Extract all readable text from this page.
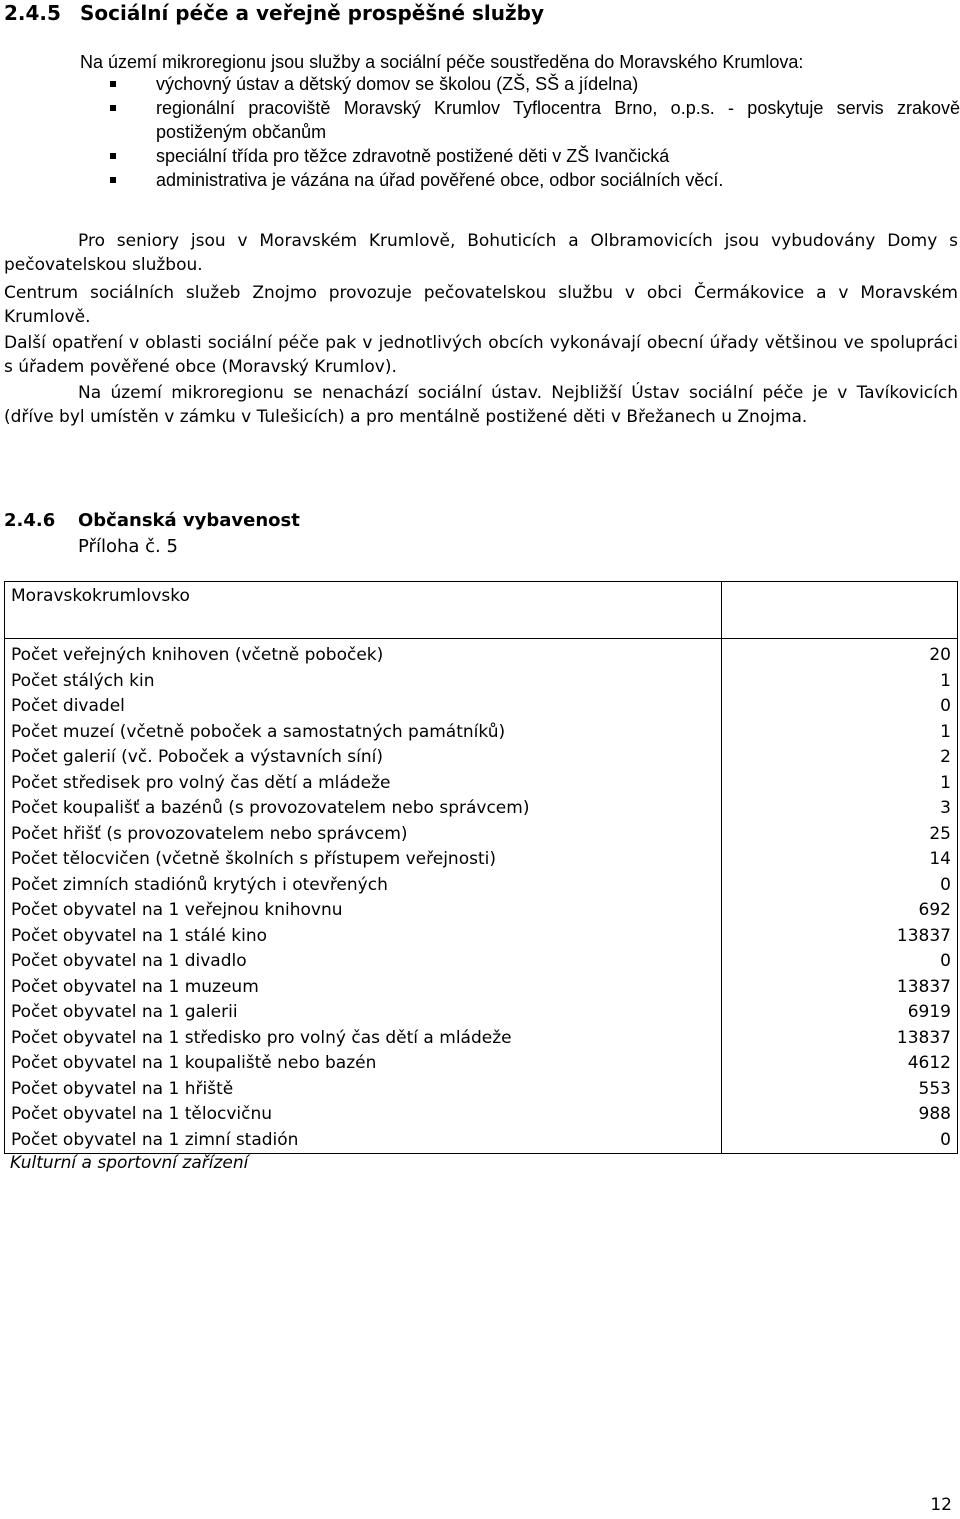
2.4.5 Sociální péče a veřejně prospěšné služby
Na území mikroregionu jsou služby a sociální péče soustředěna do Moravského Krumlova:
výchovný ústav a dětský domov se školou (ZŠ, SŠ a jídelna)
regionální pracoviště Moravský Krumlov Tyflocentra Brno, o.p.s. - poskytuje servis zrakově postiženým občanům
speciální třída pro těžce zdravotně postižené děti v ZŠ Ivančická
administrativa je vázána na úřad pověřené obce, odbor sociálních věcí.

Pro seniory jsou v Moravském Krumlově, Bohuticích a Olbramovicích jsou vybudovány Domy s pečovatelskou službou.

Centrum sociálních služeb Znojmo provozuje pečovatelskou službu v obci Čermákovice a v Moravském Krumlově.

Další opatření v oblasti sociální péče pak v jednotlivých obcích vykonávají obecní úřady většinou ve spolupráci s úřadem pověřené obce (Moravský Krumlov).

Na území mikroregionu se nenachází sociální ústav. Nejbližší Ústav sociální péče je v Tavíkovicích (dříve byl umístěn v zámku v Tulešicích) a pro mentálně postižené děti v Břežanech u Znojma.

2.4.6 Občanská vybavenost
Příloha č. 5
Moravskokrumlovsko	
Počet veřejných knihoven (včetně poboček)	20
Počet stálých kin	1
Počet divadel	0
Počet muzeí (včetně poboček a samostatných památníků)	1
Počet galerií (vč. Poboček a výstavních síní)	2
Počet středisek pro volný čas dětí a mládeže	1
Počet koupališť a bazénů (s provozovatelem nebo správcem)	3
Počet hřišť (s provozovatelem nebo správcem)	25
Počet tělocvičen (včetně školních s přístupem veřejnosti)	14
Počet zimních stadiónů krytých i otevřených	0
Počet obyvatel na 1 veřejnou knihovnu	692
Počet obyvatel na 1 stálé kino	13837
Počet obyvatel na 1 divadlo	0
Počet obyvatel na 1 muzeum	13837
Počet obyvatel na 1 galerii	6919
Počet obyvatel na 1 středisko pro volný čas dětí a mládeže	13837
Počet obyvatel na 1 koupaliště nebo bazén	4612
Počet obyvatel na 1 hřiště	553
Počet obyvatel na 1 tělocvičnu	988
Počet obyvatel na 1 zimní stadión	0
Kulturní a sportovní zařízení
12
